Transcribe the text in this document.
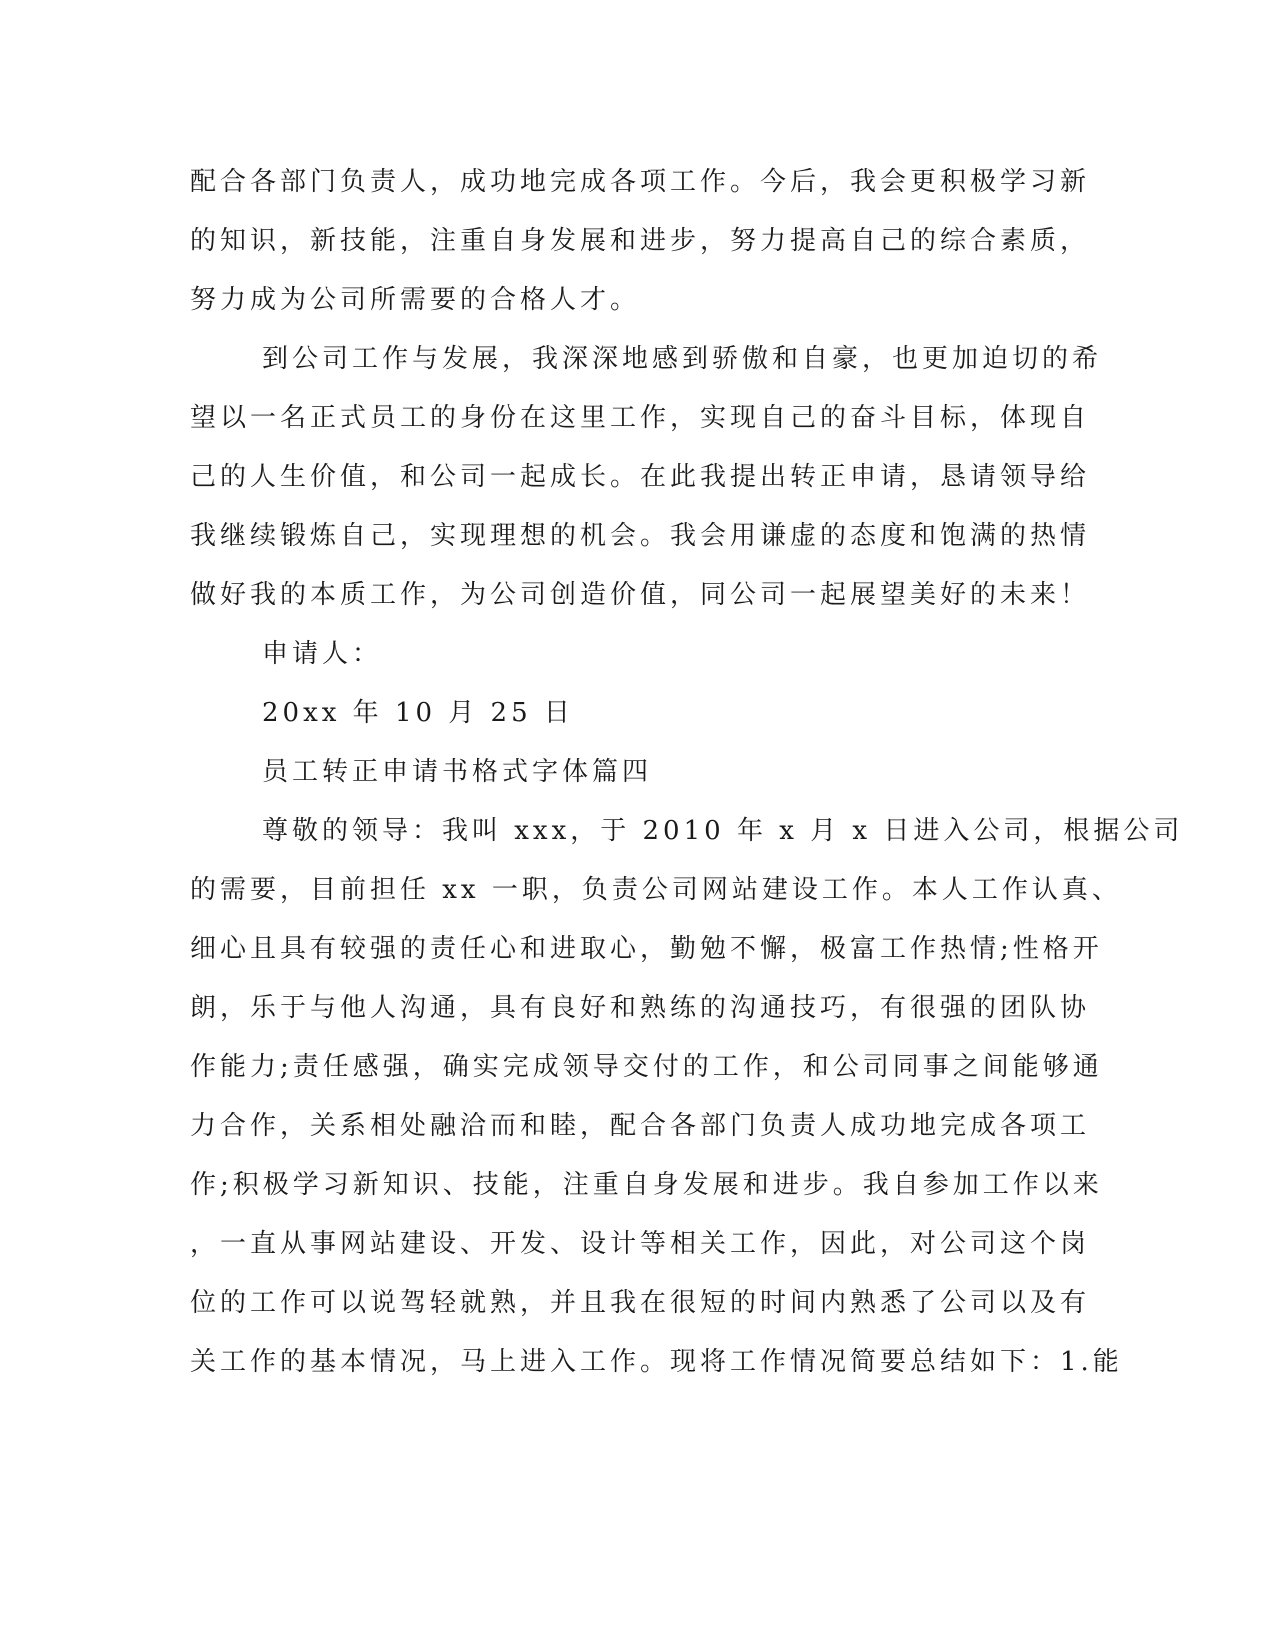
配合各部门负责人，成功地完成各项工作。今后，我会更积极学习新
的知识，新技能，注重自身发展和进步，努力提高自己的综合素质，
努力成为公司所需要的合格人才。
到公司工作与发展，我深深地感到骄傲和自豪，也更加迫切的希
望以一名正式员工的身份在这里工作，实现自己的奋斗目标，体现自
己的人生价值，和公司一起成长。在此我提出转正申请，恳请领导给
我继续锻炼自己，实现理想的机会。我会用谦虚的态度和饱满的热情
做好我的本质工作，为公司创造价值，同公司一起展望美好的未来！
申请人：
20xx 年 10 月 25 日
员工转正申请书格式字体篇四
尊敬的领导：我叫 xxx，于 2010 年 x 月 x 日进入公司，根据公司
的需要，目前担任 xx 一职，负责公司网站建设工作。本人工作认真、
细心且具有较强的责任心和进取心，勤勉不懈，极富工作热情;性格开
朗，乐于与他人沟通，具有良好和熟练的沟通技巧，有很强的团队协
作能力;责任感强，确实完成领导交付的工作，和公司同事之间能够通
力合作，关系相处融洽而和睦，配合各部门负责人成功地完成各项工
作;积极学习新知识、技能，注重自身发展和进步。我自参加工作以来
，一直从事网站建设、开发、设计等相关工作，因此，对公司这个岗
位的工作可以说驾轻就熟，并且我在很短的时间内熟悉了公司以及有
关工作的基本情况，马上进入工作。现将工作情况简要总结如下：1.能
